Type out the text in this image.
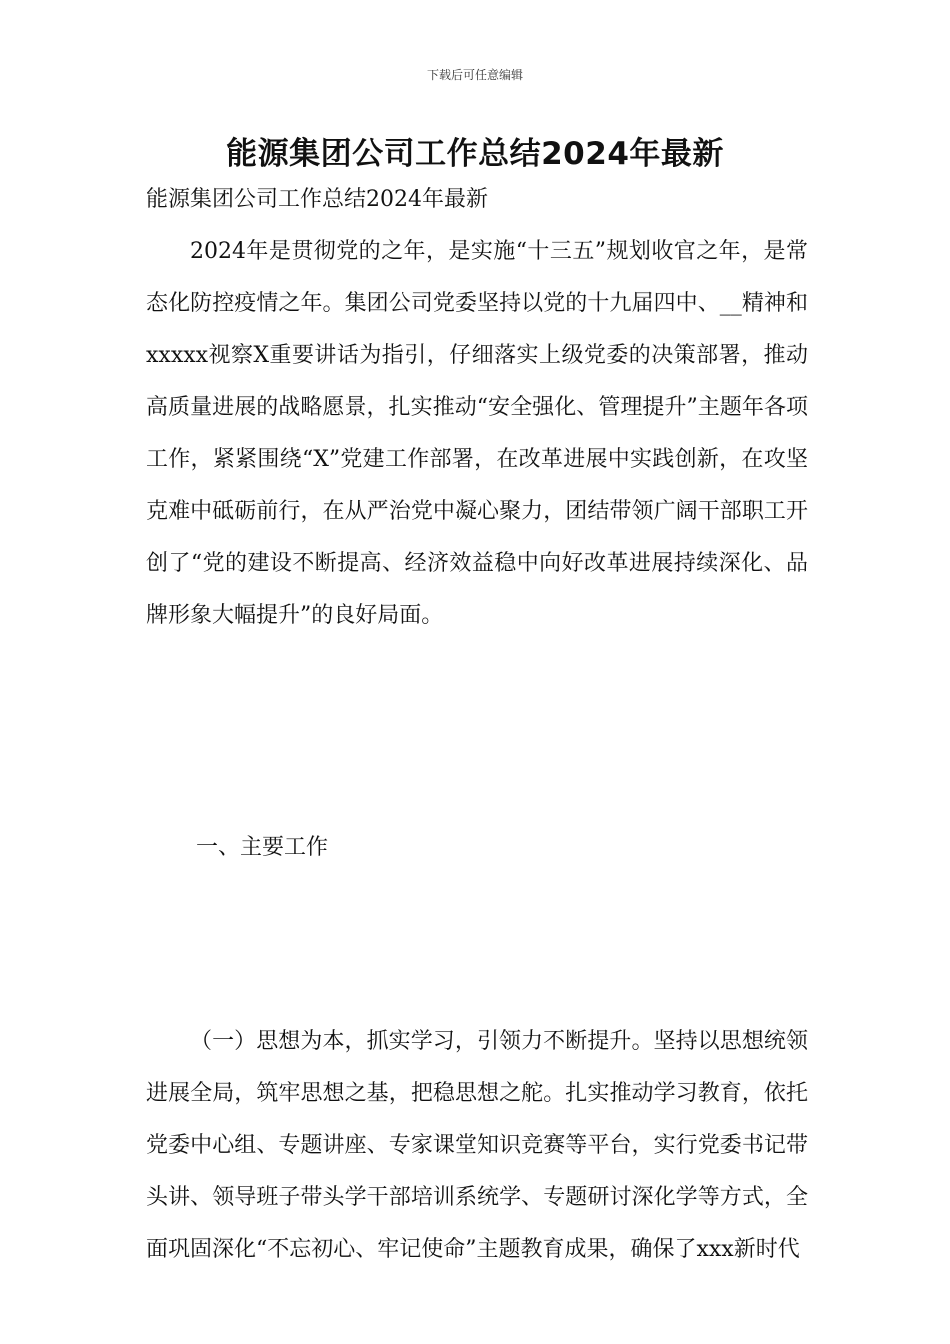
下载后可任意编辑
能源集团公司工作总结2024年最新
能源集团公司工作总结2024年最新

2024年是贯彻党的之年，是实施“十三五”规划收官之年，是常态化防控疫情之年。集团公司党委坚持以党的十九届四中、__精神和xxxxx视察X重要讲话为指引，仔细落实上级党委的决策部署，推动高质量进展的战略愿景，扎实推动“安全强化、管理提升”主题年各项工作，紧紧围绕“X”党建工作部署，在改革进展中实践创新，在攻坚克难中砥砺前行，在从严治党中凝心聚力，团结带领广阔干部职工开创了“党的建设不断提高、经济效益稳中向好改革进展持续深化、品牌形象大幅提升”的良好局面。

一、主要工作

（一）思想为本，抓实学习，引领力不断提升。坚持以思想统领进展全局，筑牢思想之基，把稳思想之舵。扎实推动学习教育，依托党委中心组、专题讲座、专家课堂知识竞赛等平台，实行党委书记带头讲、领导班子带头学干部培训系统学、专题研讨深化学等方式，全面巩固深化“不忘初心、牢记使命”主题教育成果，确保了xxx新时代
